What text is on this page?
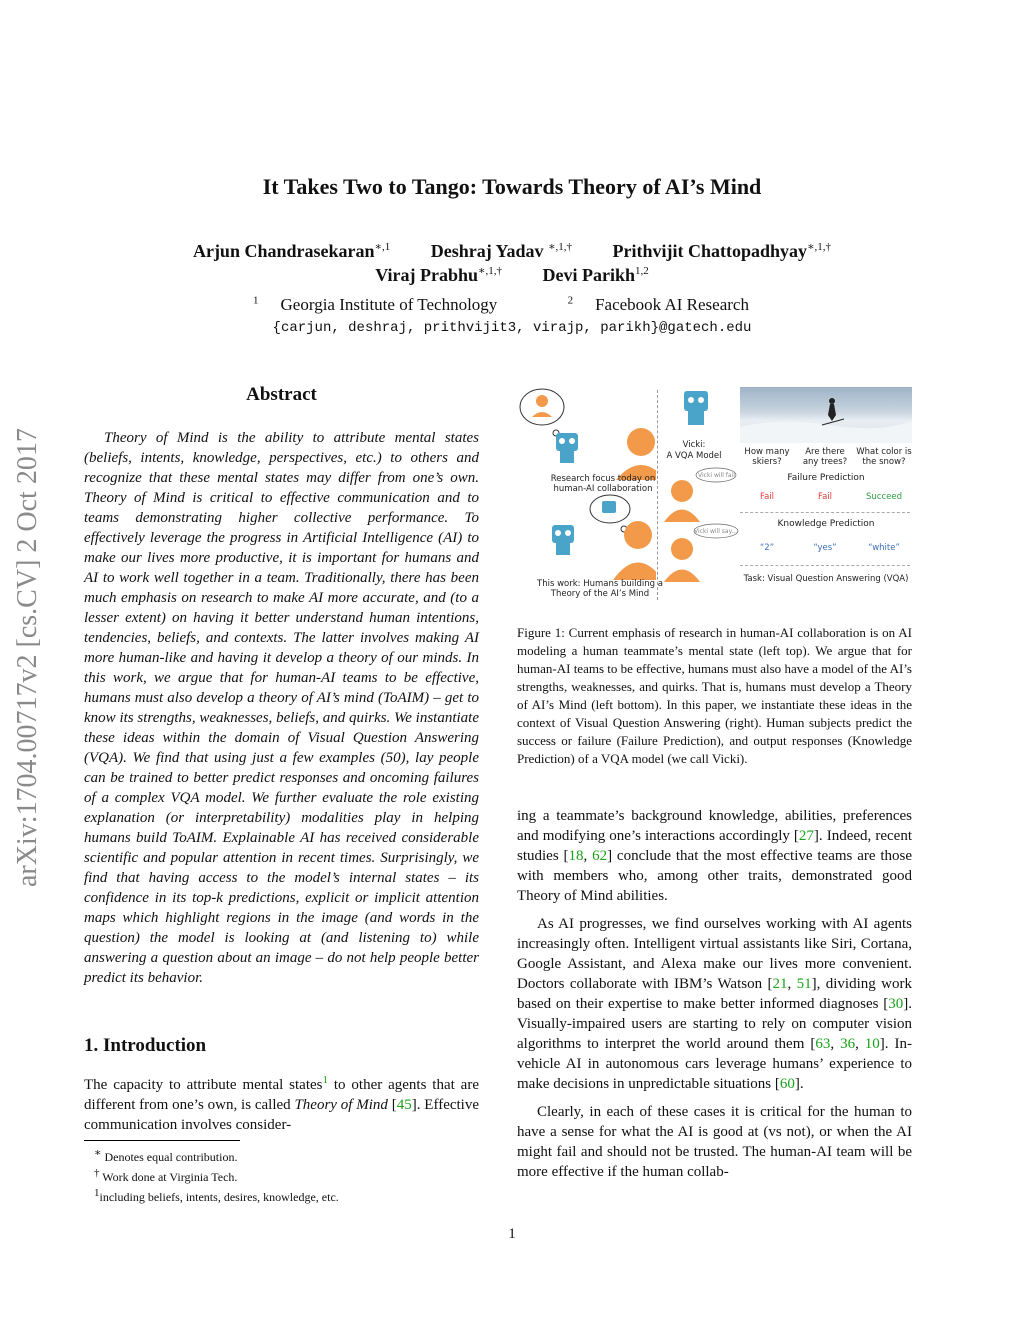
arXiv:1704.00717v2 [cs.CV] 2 Oct 2017
It Takes Two to Tango: Towards Theory of AI’s Mind
Arjun Chandrasekaran$^{∗,1}$ Deshraj Yadav $^{∗,1,\dagger}$ Prithvijit Chattopadhyay$^{∗,1,\dagger}$
Viraj Prabhu$^{∗,1,\dagger}$ Devi Parikh$^{1,2}$
$^1$ Georgia Institute of Technology	$^2$ Facebook AI Research
{carjun, deshraj, prithvijit3, virajp, parikh}@gatech.edu
Abstract

Theory of Mind is the ability to attribute mental states (beliefs, intents, knowledge, perspectives, etc.) to others and recognize that these mental states may differ from one’s own. Theory of Mind is critical to effective communication and to teams demonstrating higher collective performance. To effectively leverage the progress in Artificial Intelligence (AI) to make our lives more productive, it is important for humans and AI to work well together in a team. Traditionally, there has been much emphasis on research to make AI more accurate, and (to a lesser extent) on having it better understand human intentions, tendencies, beliefs, and contexts. The latter involves making AI more human-like and having it develop a theory of our minds. In this work, we argue that for human-AI teams to be effective, humans must also develop a theory of AI’s mind (ToAIM) – get to know its strengths, weaknesses, beliefs, and quirks. We instantiate these ideas within the domain of Visual Question Answering (VQA). We find that using just a few examples (50), lay people can be trained to better predict responses and oncoming failures of a complex VQA model. We further evaluate the role existing explanation (or interpretability) modalities play in helping humans build ToAIM. Explainable AI has received considerable scientific and popular attention in recent times. Surprisingly, we find that having access to the model’s internal states – its confidence in its top-k predictions, explicit or implicit attention maps which highlight regions in the image (and words in the question) the model is looking at (and listening to) while answering a question about an image – do not help people better predict its behavior.

1. Introduction

The capacity to attribute mental states$^1$ to other agents that are different from one’s own, is called Theory of Mind [45]. Effective communication involves consider-

∗ Denotes equal contribution.
† Work done at Virginia Tech.
$^1$including beliefs, intents, desires, knowledge, etc.
Research focus today on
human-AI collaboration
This work: Humans building a
Theory of the AI’s Mind
Vicki:
A VQA Model
Vicki will fail
Vicki will say...
How many skiers?
Are there any trees?
What color is the snow?
Failure Prediction
Fail	Fail	Succeed
Knowledge Prediction
“2”	“yes”	“white”
Task: Visual Question Answering (VQA)
Figure 1: Current emphasis of research in human-AI collaboration is on AI modeling a human teammate’s mental state (left top). We argue that for human-AI teams to be effective, humans must also have a model of the AI’s strengths, weaknesses, and quirks. That is, humans must develop a Theory of AI’s Mind (left bottom). In this paper, we instantiate these ideas in the context of Visual Question Answering (right). Human subjects predict the success or failure (Failure Prediction), and output responses (Knowledge Prediction) of a VQA model (we call Vicki).

ing a teammate’s background knowledge, abilities, preferences and modifying one’s interactions accordingly [27]. Indeed, recent studies [18, 62] conclude that the most effective teams are those with members who, among other traits, demonstrated good Theory of Mind abilities.

As AI progresses, we find ourselves working with AI agents increasingly often. Intelligent virtual assistants like Siri, Cortana, Google Assistant, and Alexa make our lives more convenient. Doctors collaborate with IBM’s Watson [21, 51], dividing work based on their expertise to make better informed diagnoses [30]. Visually-impaired users are starting to rely on computer vision algorithms to interpret the world around them [63, 36, 10]. In-vehicle AI in autonomous cars leverage humans’ experience to make decisions in unpredictable situations [60].

Clearly, in each of these cases it is critical for the human to have a sense for what the AI is good at (vs not), or when the AI might fail and should not be trusted. The human-AI team will be more effective if the human collab-

1
